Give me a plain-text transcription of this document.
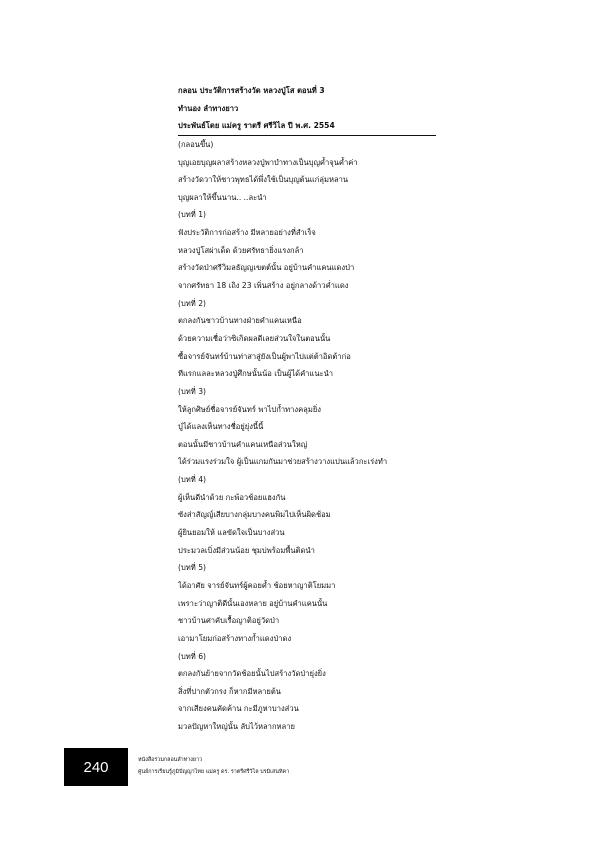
กลอน ประวัติการสร้างวัด หลวงปู่โส ตอนที่ 3
ทำนอง ลำทางยาว
ประพันธ์โดย แม่ครู ราตรี ศรีวิไล ปี พ.ศ. 2554
(กลอนขึ้น)
บุญเอยบุญผลาสร้างหลวงปู่พาบำทางเป็นบุญค้ำจุนค้ำค่า
สร้างวัดวาให้ชาวพุทธได้พึ่งใช้เป็นบุญต้นแก่ลุ่มหลาน
บุญผลาให้ขึ้นนาน.. ..ละนำ
(บทที่ 1)
ฟังประวัติการก่อสร้าง มีหลายอย่างที่สำเร็จ
หลวงปู่โสผ่าเด็ด ด้วยศรัทธายิ่งแรงกล้า
สร้างวัดป่าศรีวิมลธัญญเขตต์นั้น อยู่บ้านคำแคนแดงป่า
จากศรัทธา 18 เถิง 23 เพิ่นสร้าง อยู่กลางด้าวค่ำแดง
(บทที่ 2)
ตกลงกันชาวบ้านทางฝ่ายคำแคนเหนือ
ด้วยความเชื่อว่าซิเกิดผลดีเลยส่วนใจในตอนนั้น
ซื้อจารย์จันทร์บ้านท่าสาสู่ยังเป็นผู้พาไปแต่ต้าอิดต้าก่อ
ทีแรกแลละหลวงปู่ศึกษนั้นน้อ เป็นผู้ได้คำแนะนำ
(บทที่ 3)
ให้ลูกศิษย์ชื่อจารย์จันทร์ พาไปก้ำทางคลุมยิ่ง
ปู่ได้แลงเห็นทางชื่อยู่ยุ่งนี้นี้
ตอนนั้นมีชาวบ้านคำแคนเหนือส่วนใหญ่
ได้ร่วมแรงร่วมใจ ผู้เป็นแกมกันมาช่วยสร้างวางแปนแล้วกะเร่งทำ
(บทที่ 4)
ผู้เห็นดีนำด้วย กะพ้อวช้อยแฮงกัน
ซังส่าสัญญ์เสียบางกลุ่มบางคนพิมไปเห็นผิดช้อม
ผู้ยินยอมให้ แลขัดใจเป็นบางส่วน
ประมวลเบิ่งมีส่วนน้อย ชุมบ่พร้อมพื้นติดนำ
(บทที่ 5)
ได้อาศัย จารย์จันทร์ผู้คอยค้ำ ช้อยหาญาติโยมมา
เพราะว่าญาติดีนั้นเองหลาย อยู่บ้านคำแคนนั้น
ชาวบ้านศาคับเรื้อญาติอยู่วัดป่า
เอามาโยมก่อสร้างทางก้ำแดงป่าดง
(บทที่ 6)
ตกลงกันย้ายจากวัดช้อยนั้นไปสร้างวัดป่ายุ่งยิ่ง
สิ่งที่ปากตัวกรง ก็หากมีหลายต้น
จากเสียงคนคัดค้าน กะมีภูหาบางส่วน
มวลปัญหาใหญ่นั้น ลับไว้หลากหลาย
240	หนังสือรวมกลอนลำทางยาว
ศูนย์การเรียนรู้ภูมิปัญญาไทย แม่ครู ดร. ราตรีศรีวิไล บรมิเสนทิคา
